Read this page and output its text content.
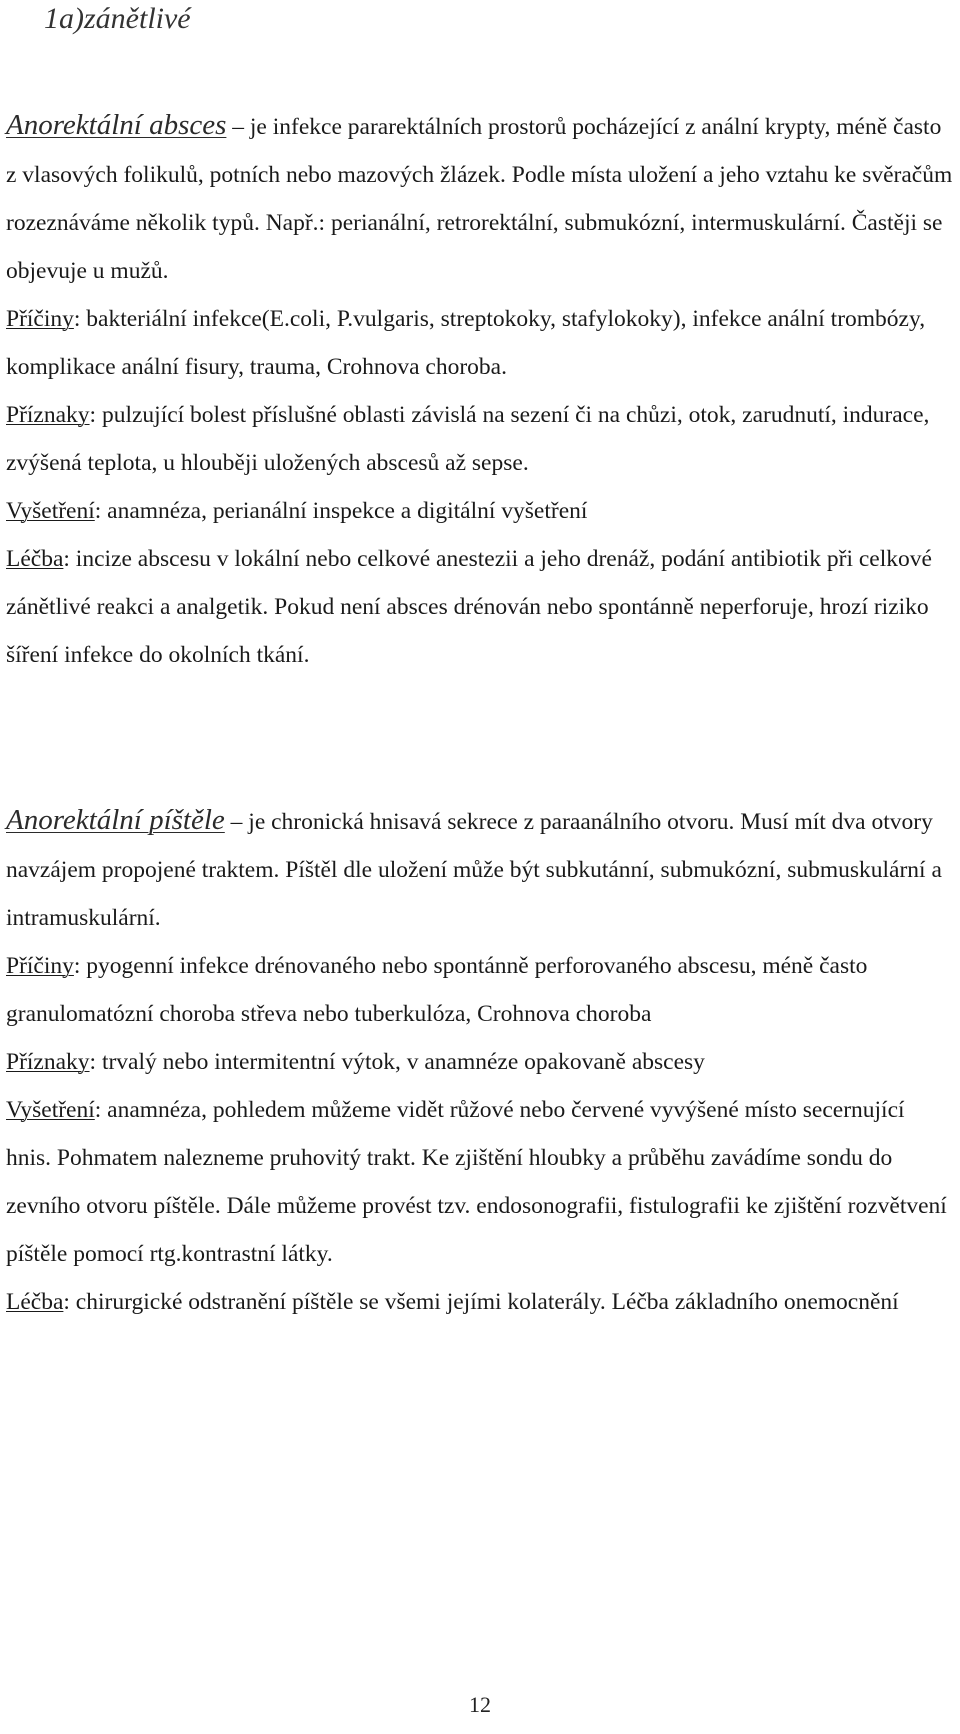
1a)zánětlivé

Anorektální absces – je infekce pararektálních prostorů pocházející z anální krypty, méně často z vlasových folikulů, potních nebo mazových žlázek. Podle místa uložení a jeho vztahu ke svěračům rozeznáváme několik typů. Např.: perianální, retrorektální, submukózní, intermuskulární. Častěji se objevuje u mužů.
Příčiny: bakteriální infekce(E.coli, P.vulgaris, streptokoky, stafylokoky), infekce anální trombózy, komplikace anální fisury, trauma, Crohnova choroba.
Příznaky: pulzující bolest příslušné oblasti závislá na sezení či na chůzi, otok, zarudnutí, indurace, zvýšená teplota, u hlouběji uložených abscesů až sepse.
Vyšetření: anamnéza, perianální inspekce a digitální vyšetření
Léčba: incize abscesu v lokální nebo celkové anestezii a jeho drenáž, podání antibiotik při celkové zánětlivé reakci a analgetik. Pokud není absces drénován nebo spontánně neperforuje, hrozí riziko šíření infekce do okolních tkání.

Anorektální píštěle – je chronická hnisavá sekrece z paraanálního otvoru. Musí mít dva otvory navzájem propojené traktem. Píštěl dle uložení může být subkutánní, submukózní, submuskulární a intramuskulární.
Příčiny: pyogenní infekce drénovaného nebo spontánně perforovaného abscesu, méně často granulomatózní choroba střeva nebo tuberkulóza, Crohnova choroba
Příznaky: trvalý nebo intermitentní výtok, v anamnéze opakovaně abscesy
Vyšetření: anamnéza, pohledem můžeme vidět růžové nebo červené vyvýšené místo secernující hnis. Pohmatem nalezneme pruhovitý trakt. Ke zjištění hloubky a průběhu zavádíme sondu do zevního otvoru píštěle. Dále můžeme provést tzv. endosonografii, fistulografii ke zjištění rozvětvení píštěle pomocí rtg.kontrastní látky.
Léčba: chirurgické odstranění píštěle se všemi jejími kolaterály. Léčba základního onemocnění

12
